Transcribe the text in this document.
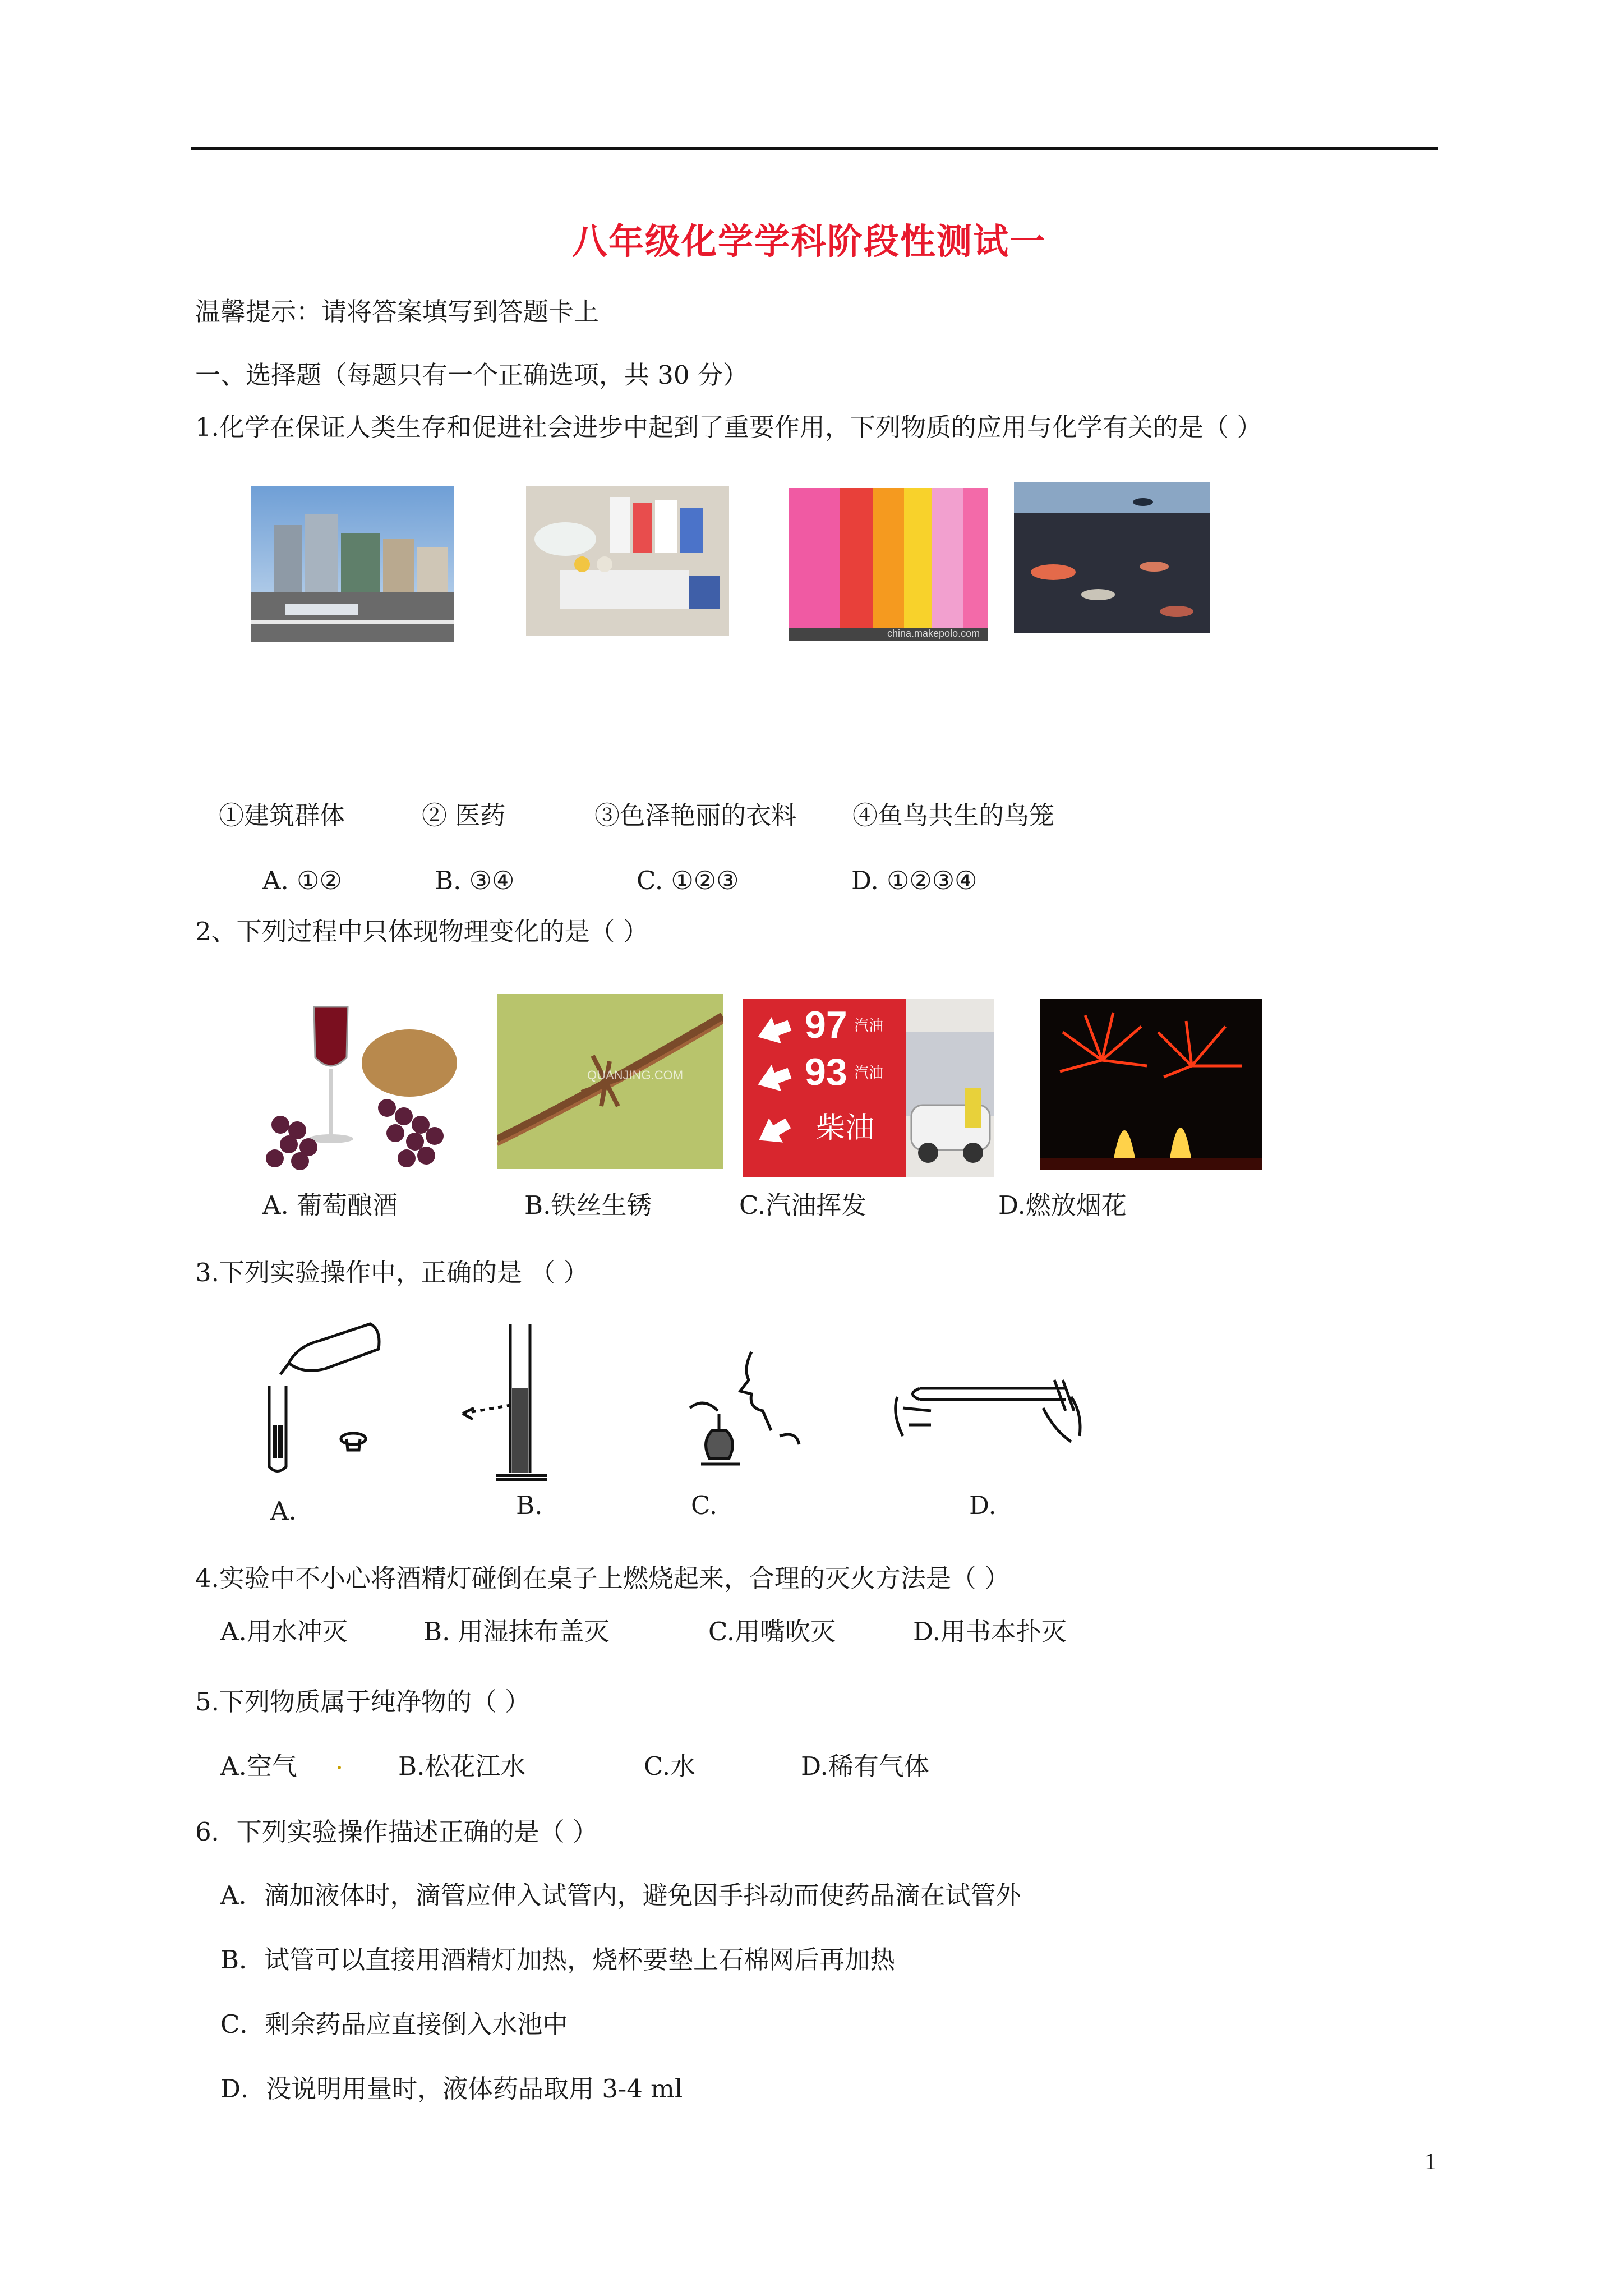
八年级化学学科阶段性测试一
温馨提示：请将答案填写到答题卡上
一、选择题（每题只有一个正确选项，共 30 分）
1.化学在保证人类生存和促进社会进步中起到了重要作用，下列物质的应用与化学有关的是（ ）
china.makepolo.com
①建筑群体	② 医药	③色泽艳丽的衣料 ④鱼鸟共生的鸟笼
A. ①②	B. ③④	C. ①②③	D. ①②③④
2、下列过程中只体现物理变化的是（ ）
QUANJING.COM
97 汽油
93 汽油
柴油
A. 葡萄酿酒	B.铁丝生锈	C.汽油挥发	D.燃放烟花
3.下列实验操作中，正确的是 （ ）
A.	B.	C.	D.
4.实验中不小心将酒精灯碰倒在桌子上燃烧起来，合理的灭火方法是（ ）
A.用水冲灭	B. 用湿抹布盖灭	C.用嘴吹灭	D.用书本扑灭
5.下列物质属于纯净物的（ ）
A.空气	B.松花江水	C.水	D.稀有气体
6．下列实验操作描述正确的是（ ）
A．滴加液体时，滴管应伸入试管内，避免因手抖动而使药品滴在试管外
B．试管可以直接用酒精灯加热，烧杯要垫上石棉网后再加热
C．剩余药品应直接倒入水池中
D．没说明用量时，液体药品取用 3-4 ml
1
